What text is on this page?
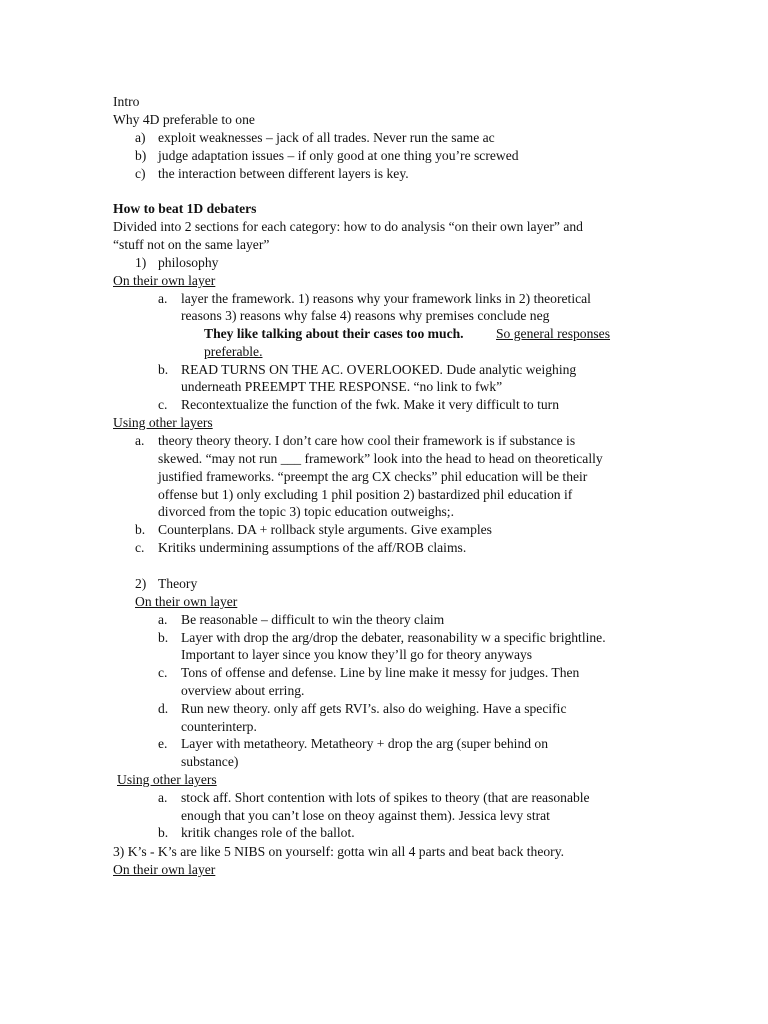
Intro
Why 4D preferable to one
a) exploit weaknesses – jack of all trades. Never run the same ac
b) judge adaptation issues – if only good at one thing you’re screwed
c) the interaction between different layers is key.
How to beat 1D debaters
Divided into 2 sections for each category: how to do analysis “on their own layer” and
“stuff not on the same layer”
1) philosophy
On their own layer
a. layer the framework. 1) reasons why your framework links in 2) theoretical
reasons 3) reasons why false 4) reasons why premises conclude neg
They like talking about their cases too much. So general responses
preferable.
b. READ TURNS ON THE AC. OVERLOOKED. Dude analytic weighing
underneath PREEMPT THE RESPONSE. “no link to fwk”
c. Recontextualize the function of the fwk. Make it very difficult to turn
Using other layers
a. theory theory theory. I don’t care how cool their framework is if substance is
skewed. “may not run ___ framework” look into the head to head on theoretically
justified frameworks. “preempt the arg CX checks” phil education will be their
offense but 1) only excluding 1 phil position 2) bastardized phil education if
divorced from the topic 3) topic education outweighs;.
b. Counterplans. DA + rollback style arguments. Give examples
c. Kritiks undermining assumptions of the aff/ROB claims.
2) Theory
On their own layer
a. Be reasonable – difficult to win the theory claim
b. Layer with drop the arg/drop the debater, reasonability w a specific brightline.
Important to layer since you know they’ll go for theory anyways
c. Tons of offense and defense. Line by line make it messy for judges. Then
overview about erring.
d. Run new theory. only aff gets RVI’s. also do weighing. Have a specific
counterinterp.
e. Layer with metatheory. Metatheory + drop the arg (super behind on
substance)
Using other layers
a. stock aff. Short contention with lots of spikes to theory (that are reasonable
enough that you can’t lose on theoy against them). Jessica levy strat
b. kritik changes role of the ballot.
3) K’s - K’s are like 5 NIBS on yourself: gotta win all 4 parts and beat back theory.
On their own layer
